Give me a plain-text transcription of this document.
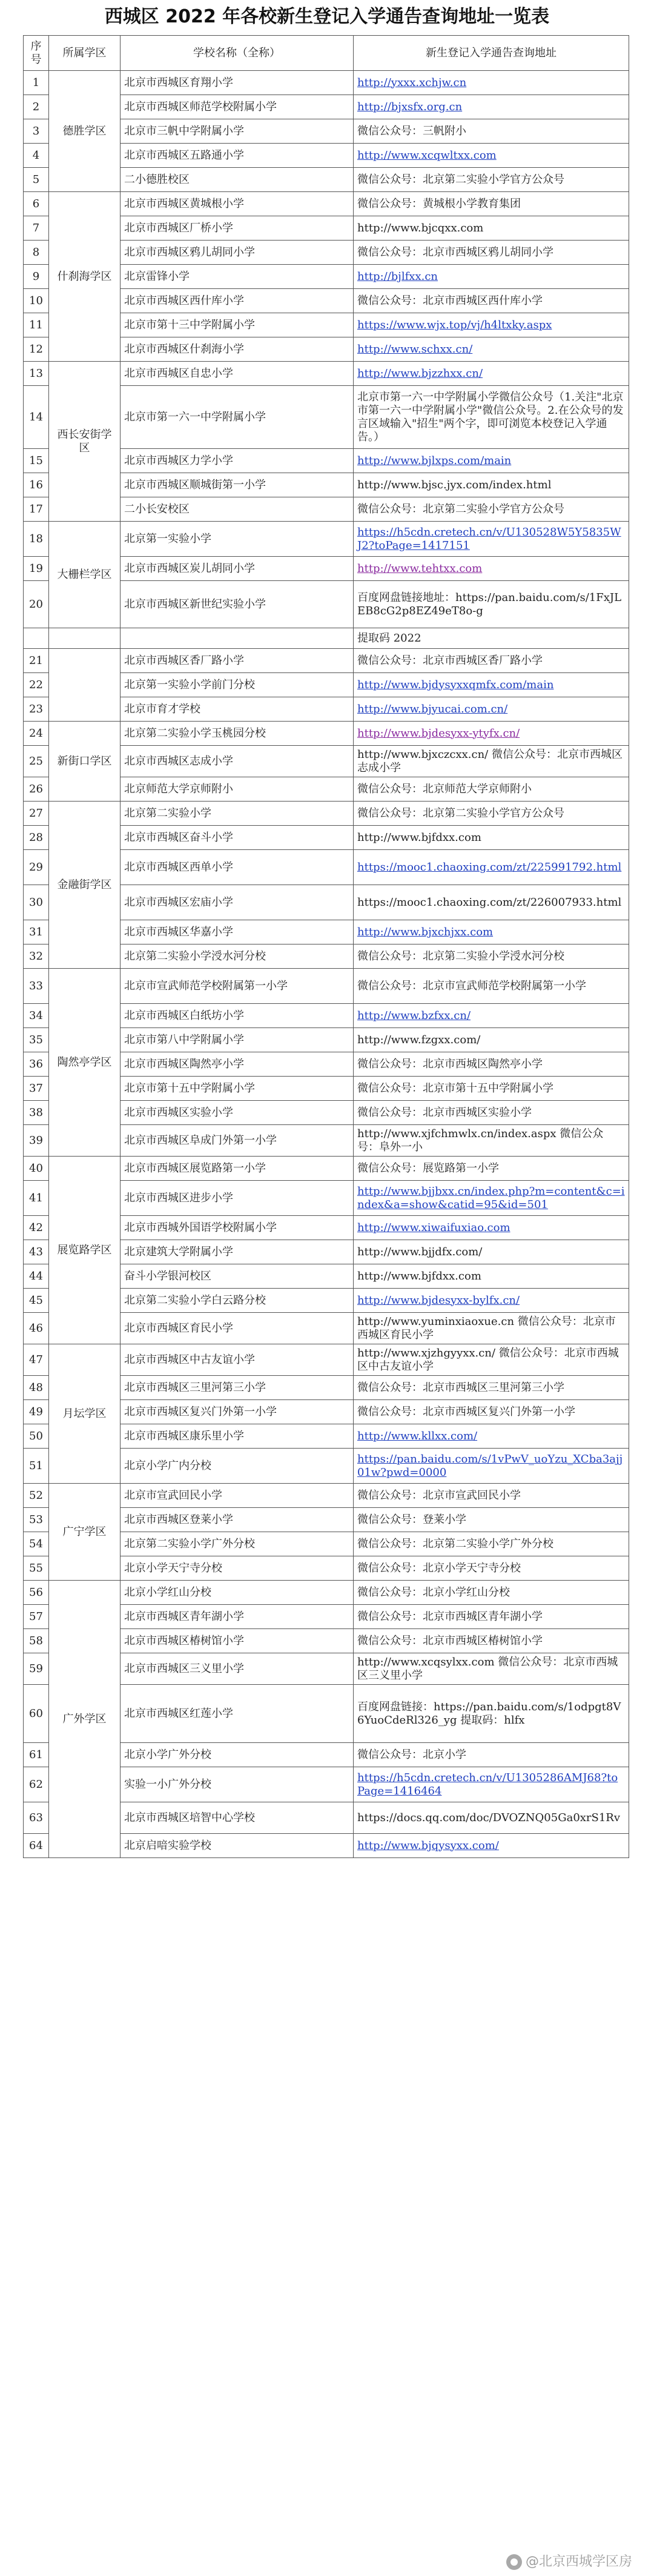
西城区 2022 年各校新生登记入学通告查询地址一览表
序号	所属学区	学校名称（全称）	新生登记入学通告查询地址
1	德胜学区	北京市西城区育翔小学	http://yxxx.xchjw.cn
2		北京市西城区师范学校附属小学	http://bjxsfx.org.cn
3		北京市三帆中学附属小学	微信公众号：三帆附小
4		北京市西城区五路通小学	http://www.xcqwltxx.com
5		二小德胜校区	微信公众号：北京第二实验小学官方公众号
6	什刹海学区	北京市西城区黄城根小学	微信公众号：黄城根小学教育集团
7		北京市西城区厂桥小学	http://www.bjcqxx.com
8		北京市西城区鸦儿胡同小学	微信公众号：北京市西城区鸦儿胡同小学
9		北京雷锋小学	http://bjlfxx.cn
10		北京市西城区西什库小学	微信公众号：北京市西城区西什库小学
11		北京市第十三中学附属小学	https://www.wjx.top/vj/h4ltxky.aspx
12		北京市西城区什刹海小学	http://www.schxx.cn/
13	西长安街学区	北京市西城区自忠小学	http://www.bjzzhxx.cn/
14		北京市第一六一中学附属小学	北京市第一六一中学附属小学微信公众号（1.关注"北京市第一六一中学附属小学"微信公众号。2.在公众号的发言区域输入"招生"两个字，即可浏览本校登记入学通告。）
15		北京市西城区力学小学	http://www.bjlxps.com/main
16		北京市西城区顺城街第一小学	http://www.bjsc.jyx.com/index.html
17		二小长安校区	微信公众号：北京第二实验小学官方公众号
18	大栅栏学区	北京第一实验小学	https://h5cdn.cretech.cn/v/U130528W5Y5835WJ2?toPage=1417151
19		北京市西城区炭儿胡同小学	http://www.tehtxx.com
20		北京市西城区新世纪实验小学	百度网盘链接地址：https://pan.baidu.com/s/1FxJLEB8cG2p8EZ49eT8o-g
			提取码 2022
21		北京市西城区香厂路小学	微信公众号：北京市西城区香厂路小学
22		北京第一实验小学前门分校	http://www.bjdysyxxqmfx.com/main
23		北京市育才学校	http://www.bjyucai.com.cn/
24	新街口学区	北京第二实验小学玉桃园分校	http://www.bjdesyxx-ytyfx.cn/
25		北京市西城区志成小学	http://www.bjxczcxx.cn/ 微信公众号：北京市西城区志成小学
26		北京师范大学京师附小	微信公众号：北京师范大学京师附小
27	金融街学区	北京第二实验小学	微信公众号：北京第二实验小学官方公众号
28		北京市西城区奋斗小学	http://www.bjfdxx.com
29		北京市西城区西单小学	https://mooc1.chaoxing.com/zt/225991792.html
30		北京市西城区宏庙小学	https://mooc1.chaoxing.com/zt/226007933.html
31		北京市西城区华嘉小学	http://www.bjxchjxx.com
32		北京第二实验小学涭水河分校	微信公众号：北京第二实验小学涭水河分校
33	陶然亭学区	北京市宣武师范学校附属第一小学	微信公众号：北京市宣武师范学校附属第一小学
34		北京市西城区白纸坊小学	http://www.bzfxx.cn/
35		北京市第八中学附属小学	http://www.fzgxx.com/
36		北京市西城区陶然亭小学	微信公众号：北京市西城区陶然亭小学
37		北京市第十五中学附属小学	微信公众号：北京市第十五中学附属小学
38		北京市西城区实验小学	微信公众号：北京市西城区实验小学
39		北京市西城区阜成门外第一小学	http://www.xjfchmwlx.cn/index.aspx 微信公众号：阜外一小
40	展览路学区	北京市西城区展览路第一小学	微信公众号：展览路第一小学
41		北京市西城区进步小学	http://www.bjjbxx.cn/index.php?m=content&c=index&a=show&catid=95&id=501
42		北京市西城外国语学校附属小学	http://www.xiwaifuxiao.com
43		北京建筑大学附属小学	http://www.bjjdfx.com/
44		奋斗小学银河校区	http://www.bjfdxx.com
45		北京第二实验小学白云路分校	http://www.bjdesyxx-bylfx.cn/
46		北京市西城区育民小学	http://www.yuminxiaoxue.cn 微信公众号：北京市西城区育民小学
47	月坛学区	北京市西城区中古友谊小学	http://www.xjzhgyyxx.cn/ 微信公众号：北京市西城区中古友谊小学
48		北京市西城区三里河第三小学	微信公众号：北京市西城区三里河第三小学
49		北京市西城区复兴门外第一小学	微信公众号：北京市西城区复兴门外第一小学
50		北京市西城区康乐里小学	http://www.kllxx.com/
51		北京小学广内分校	https://pan.baidu.com/s/1vPwV_uoYzu_XCba3ajj01w?pwd=0000
52	广宁学区	北京市宣武回民小学	微信公众号：北京市宣武回民小学
53		北京市西城区登莱小学	微信公众号：登莱小学
54		北京第二实验小学广外分校	微信公众号：北京第二实验小学广外分校
55		北京小学天宁寺分校	微信公众号：北京小学天宁寺分校
56	广外学区	北京小学红山分校	微信公众号：北京小学红山分校
57		北京市西城区青年湖小学	微信公众号：北京市西城区青年湖小学
58		北京市西城区椿树馆小学	微信公众号：北京市西城区椿树馆小学
59		北京市西城区三义里小学	http://www.xcqsylxx.com 微信公众号：北京市西城区三义里小学
60		北京市西城区红莲小学	百度网盘链接：https://pan.baidu.com/s/1odpgt8V6YuoCdeRl326_yg 提取码：hlfx
61		北京小学广外分校	微信公众号：北京小学
62		实验一小广外分校	https://h5cdn.cretech.cn/v/U1305286AMJ68?toPage=1416464
63		北京市西城区培智中心学校	https://docs.qq.com/doc/DVOZNQ05Ga0xrS1Rv
64		北京启喑实验学校	http://www.bjqysyxx.com/
@北京西城学区房
